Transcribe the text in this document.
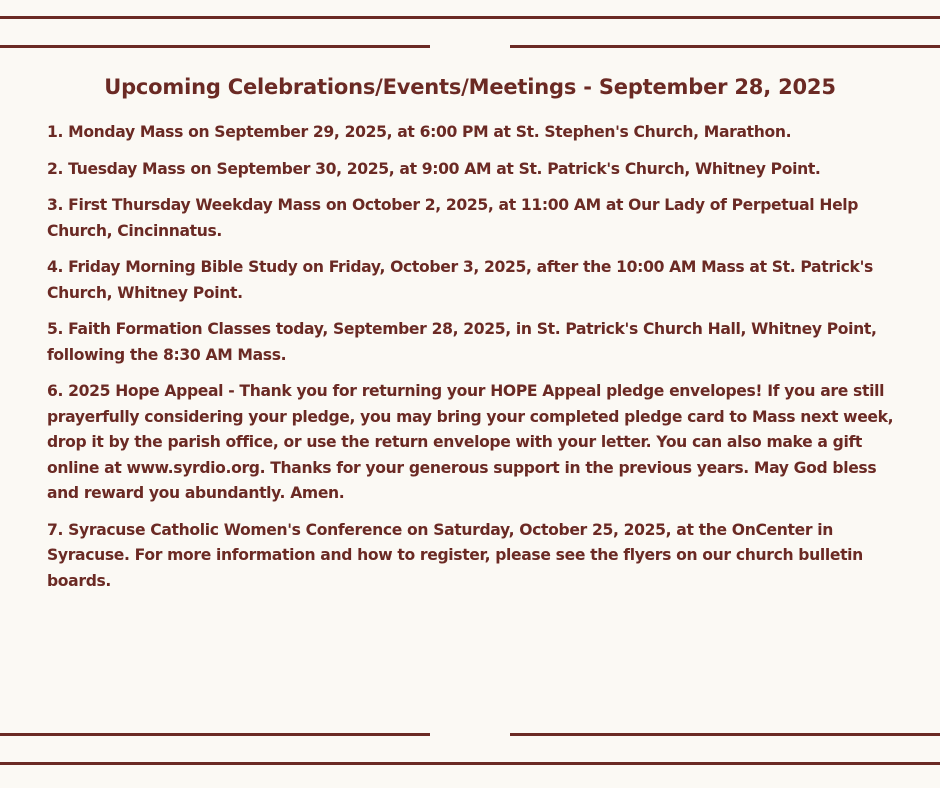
Upcoming Celebrations/Events/Meetings - September 28, 2025
1. Monday Mass on September 29, 2025, at 6:00 PM at St. Stephen's Church, Marathon.
2. Tuesday Mass on September 30, 2025, at 9:00 AM at St. Patrick's Church, Whitney Point.
3. First Thursday Weekday Mass on October 2, 2025, at 11:00 AM at Our Lady of Perpetual Help Church, Cincinnatus.
4. Friday Morning Bible Study on Friday, October 3, 2025, after the 10:00 AM Mass at St. Patrick's Church, Whitney Point.
5. Faith Formation Classes today, September 28, 2025, in St. Patrick's Church Hall, Whitney Point, following the 8:30 AM Mass.
6. 2025 Hope Appeal - Thank you for returning your HOPE Appeal pledge envelopes! If you are still prayerfully considering your pledge, you may bring your completed pledge card to Mass next week, drop it by the parish office, or use the return envelope with your letter. You can also make a gift online at www.syrdio.org. Thanks for your generous support in the previous years. May God bless and reward you abundantly. Amen.
7. Syracuse Catholic Women's Conference on Saturday, October 25, 2025, at the OnCenter in Syracuse. For more information and how to register, please see the flyers on our church bulletin boards.
